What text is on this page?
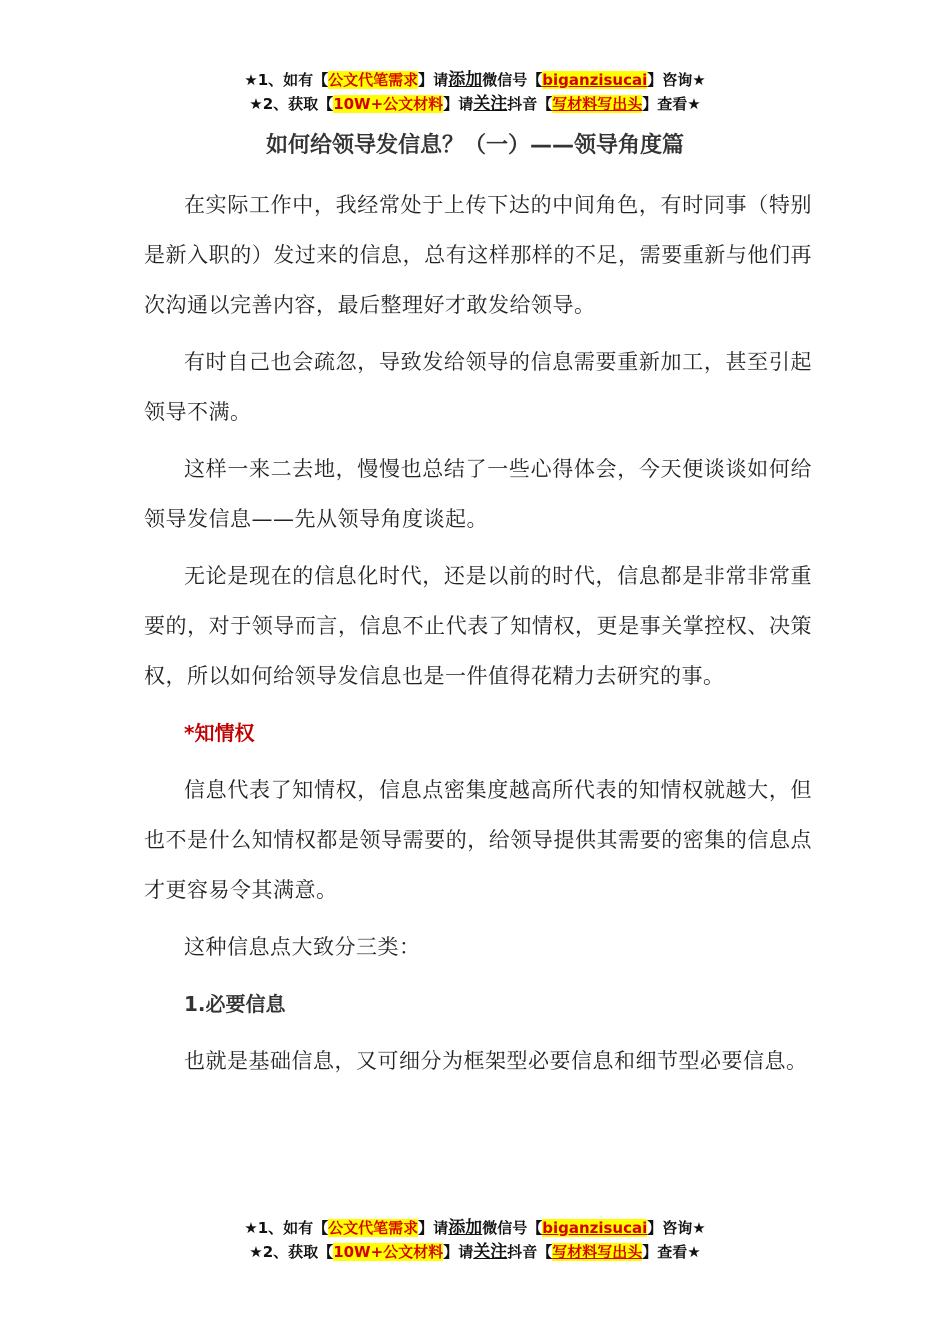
★1、如有【公文代笔需求】请添加微信号【biganzisucai】咨询★
★2、获取【10W+公文材料】请关注抖音【写材料写出头】查看★
如何给领导发信息？（一）——领导角度篇

在实际工作中，我经常处于上传下达的中间角色，有时同事（特别是新入职的）发过来的信息，总有这样那样的不足，需要重新与他们再次沟通以完善内容，最后整理好才敢发给领导。

有时自己也会疏忽，导致发给领导的信息需要重新加工，甚至引起领导不满。

这样一来二去地，慢慢也总结了一些心得体会，今天便谈谈如何给领导发信息——先从领导角度谈起。

无论是现在的信息化时代，还是以前的时代，信息都是非常非常重要的，对于领导而言，信息不止代表了知情权，更是事关掌控权、决策权，所以如何给领导发信息也是一件值得花精力去研究的事。

*知情权

信息代表了知情权，信息点密集度越高所代表的知情权就越大，但也不是什么知情权都是领导需要的，给领导提供其需要的密集的信息点才更容易令其满意。

这种信息点大致分三类：

1.必要信息

也就是基础信息，又可细分为框架型必要信息和细节型必要信息。

★1、如有【公文代笔需求】请添加微信号【biganzisucai】咨询★
★2、获取【10W+公文材料】请关注抖音【写材料写出头】查看★
